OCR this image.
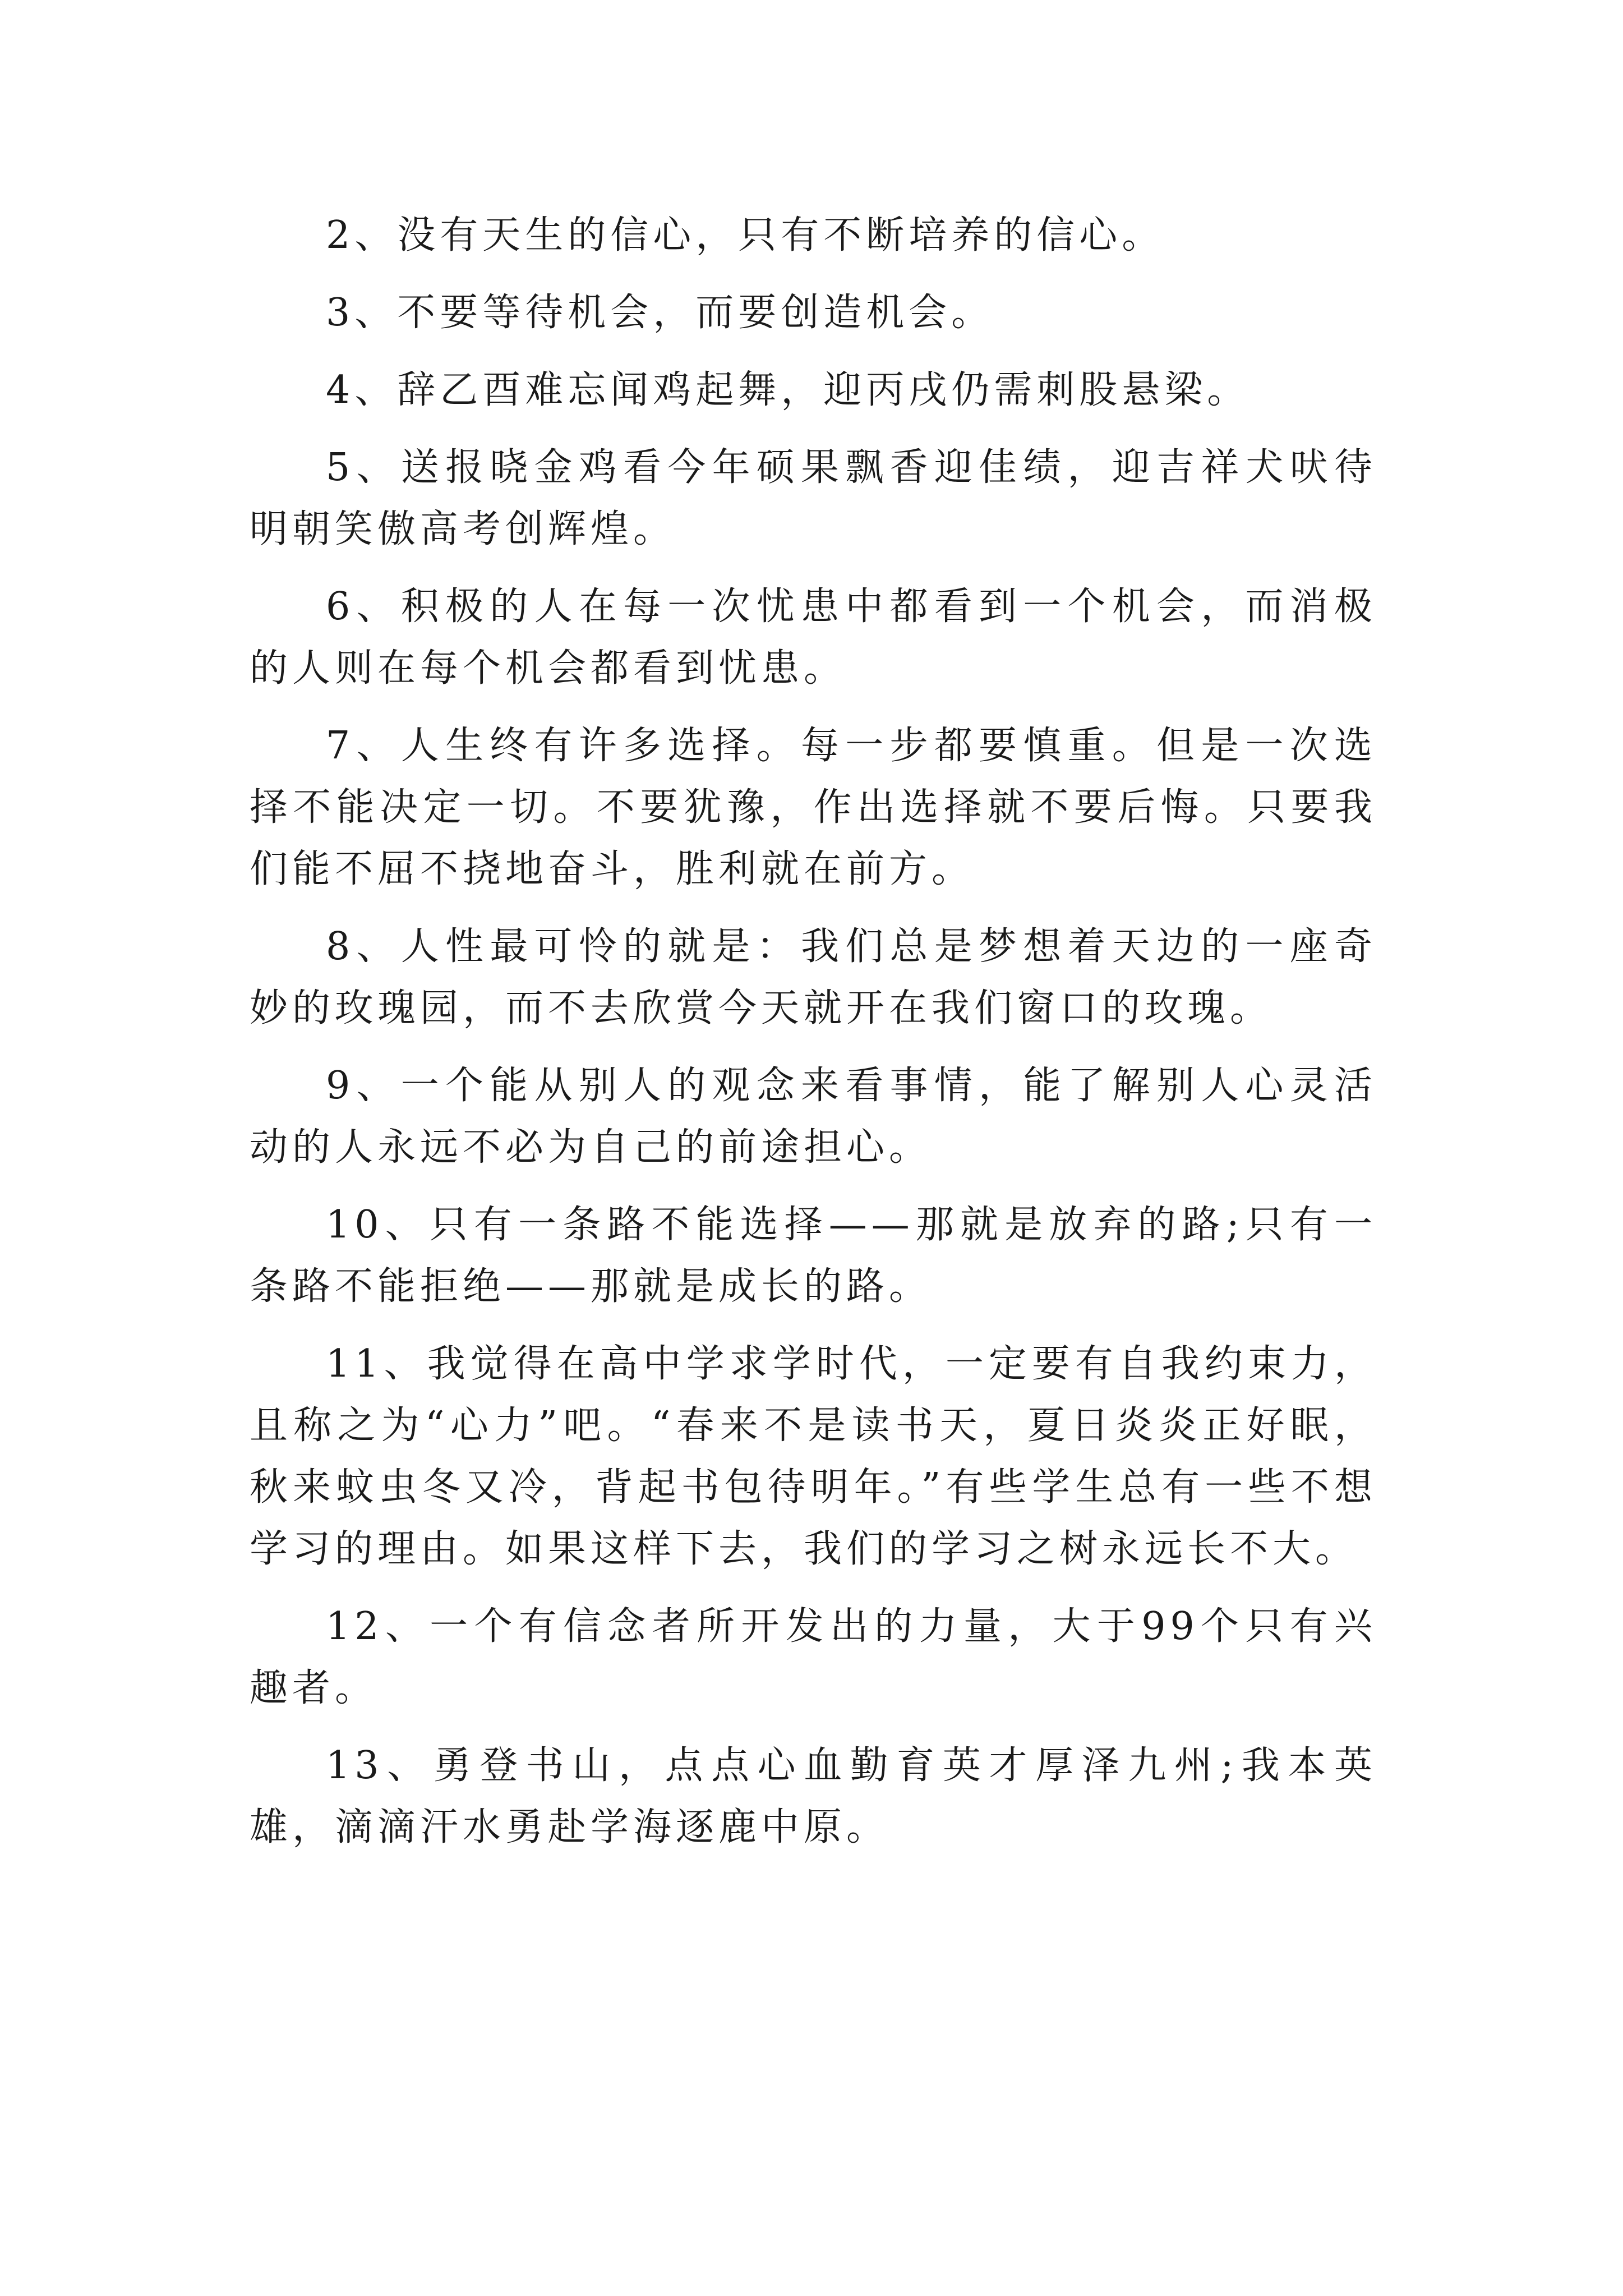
2、没有天生的信心，只有不断培养的信心。

3、不要等待机会，而要创造机会。

4、辞乙酉难忘闻鸡起舞，迎丙戌仍需刺股悬梁。

5、送报晓金鸡看今年硕果飘香迎佳绩，迎吉祥犬吠待明朝笑傲高考创辉煌。

6、积极的人在每一次忧患中都看到一个机会，而消极的人则在每个机会都看到忧患。

7、人生终有许多选择。每一步都要慎重。但是一次选择不能决定一切。不要犹豫，作出选择就不要后悔。只要我们能不屈不挠地奋斗，胜利就在前方。

8、人性最可怜的就是：我们总是梦想着天边的一座奇妙的玫瑰园，而不去欣赏今天就开在我们窗口的玫瑰。

9、一个能从别人的观念来看事情，能了解别人心灵活动的人永远不必为自己的前途担心。

10、只有一条路不能选择——那就是放弃的路;只有一条路不能拒绝——那就是成长的路。

11、我觉得在高中学求学时代，一定要有自我约束力，且称之为“心力”吧。“春来不是读书天，夏日炎炎正好眠，秋来蚊虫冬又冷，背起书包待明年。”有些学生总有一些不想学习的理由。如果这样下去，我们的学习之树永远长不大。

12、一个有信念者所开发出的力量，大于99个只有兴趣者。

13、勇登书山，点点心血勤育英才厚泽九州;我本英雄，滴滴汗水勇赴学海逐鹿中原。
